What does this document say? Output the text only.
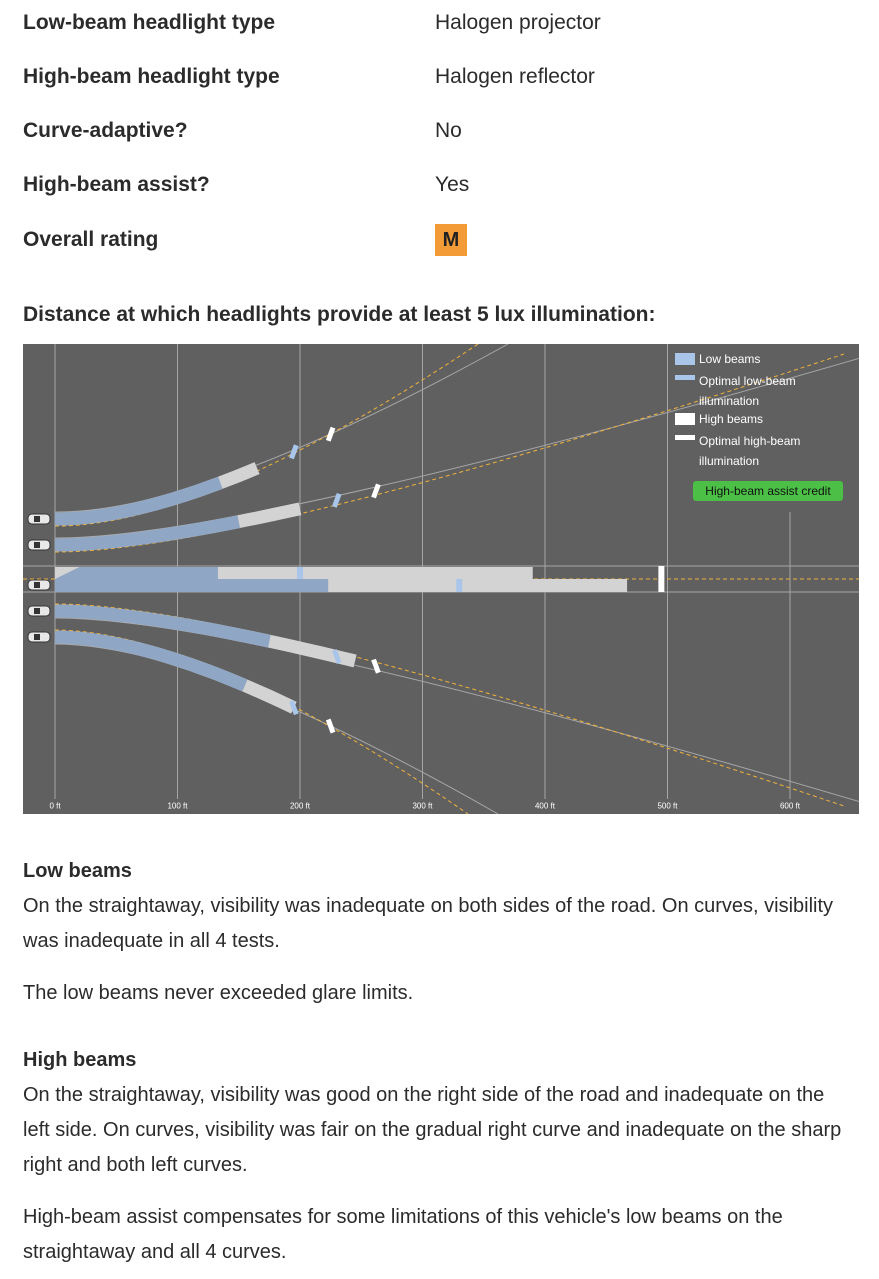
Low-beam headlight type	Halogen projector
High-beam headlight type	Halogen reflector
Curve-adaptive?	No
High-beam assist?	Yes
Overall rating	M
Distance at which headlights provide at least 5 lux illumination:
0 ft	100 ft	200 ft	300 ft	400 ft	500 ft	600 ft
Low beams
Optimal low-beam
illumination
High beams
Optimal high-beam
illumination
High-beam assist credit
Low beams
On the straightaway, visibility was inadequate on both sides of the road. On curves, visibility was inadequate in all 4 tests.
The low beams never exceeded glare limits.
High beams
On the straightaway, visibility was good on the right side of the road and inadequate on the left side. On curves, visibility was fair on the gradual right curve and inadequate on the sharp right and both left curves.
High-beam assist compensates for some limitations of this vehicle's low beams on the straightaway and all 4 curves.
